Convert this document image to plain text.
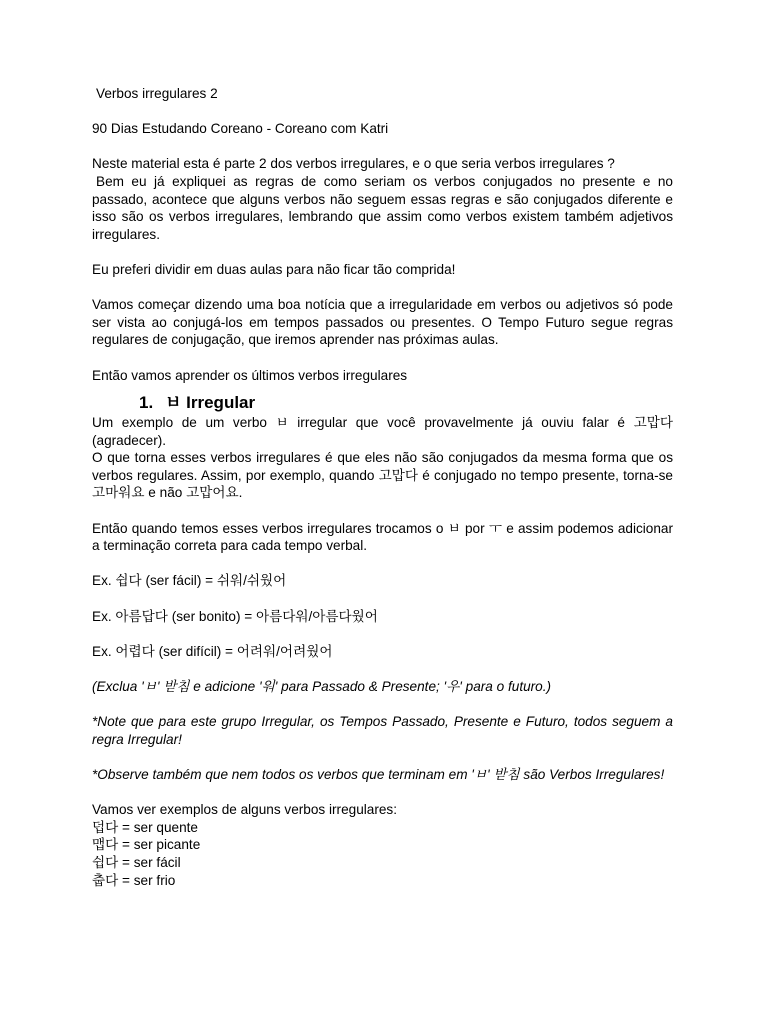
Verbos irregulares 2

90 Dias Estudando Coreano - Coreano com Katri

Neste material esta é parte 2 dos verbos irregulares, e o que seria verbos irregulares ?

Bem eu já expliquei as regras de como seriam os verbos conjugados no presente e no passado, acontece que alguns verbos não seguem essas regras e são conjugados diferente e isso são os verbos irregulares, lembrando que assim como verbos existem também adjetivos irregulares.

Eu preferi dividir em duas aulas para não ficar tão comprida!

Vamos começar dizendo uma boa notícia que a irregularidade em verbos ou adjetivos só pode ser vista ao conjugá-los em tempos passados ou presentes. O Tempo Futuro segue regras regulares de conjugação, que iremos aprender nas próximas aulas.

Então vamos aprender os últimos verbos irregulares

1. ㅂ Irregular

Um exemplo de um verbo ㅂ irregular que você provavelmente já ouviu falar é 고맙다 (agradecer).

O que torna esses verbos irregulares é que eles não são conjugados da mesma forma que os verbos regulares. Assim, por exemplo, quando 고맙다 é conjugado no tempo presente, torna-se 고마워요 e não 고맙어요.

Então quando temos esses verbos irregulares trocamos o ㅂ por ㅜ e assim podemos adicionar a terminação correta para cada tempo verbal.

Ex. 쉽다 (ser fácil) = 쉬워/쉬웠어

Ex. 아름답다 (ser bonito) = 아름다워/아름다웠어

Ex. 어렵다 (ser difícil) = 어려워/어려웠어

(Exclua 'ㅂ' 받침 e adicione '워' para Passado & Presente; '우' para o futuro.)

*Note que para este grupo Irregular, os Tempos Passado, Presente e Futuro, todos seguem a regra Irregular!

*Observe também que nem todos os verbos que terminam em 'ㅂ' 받침 são Verbos Irregulares!

Vamos ver exemplos de alguns verbos irregulares:

덥다 = ser quente
맵다 = ser picante
쉽다 = ser fácil
춥다 = ser frio
